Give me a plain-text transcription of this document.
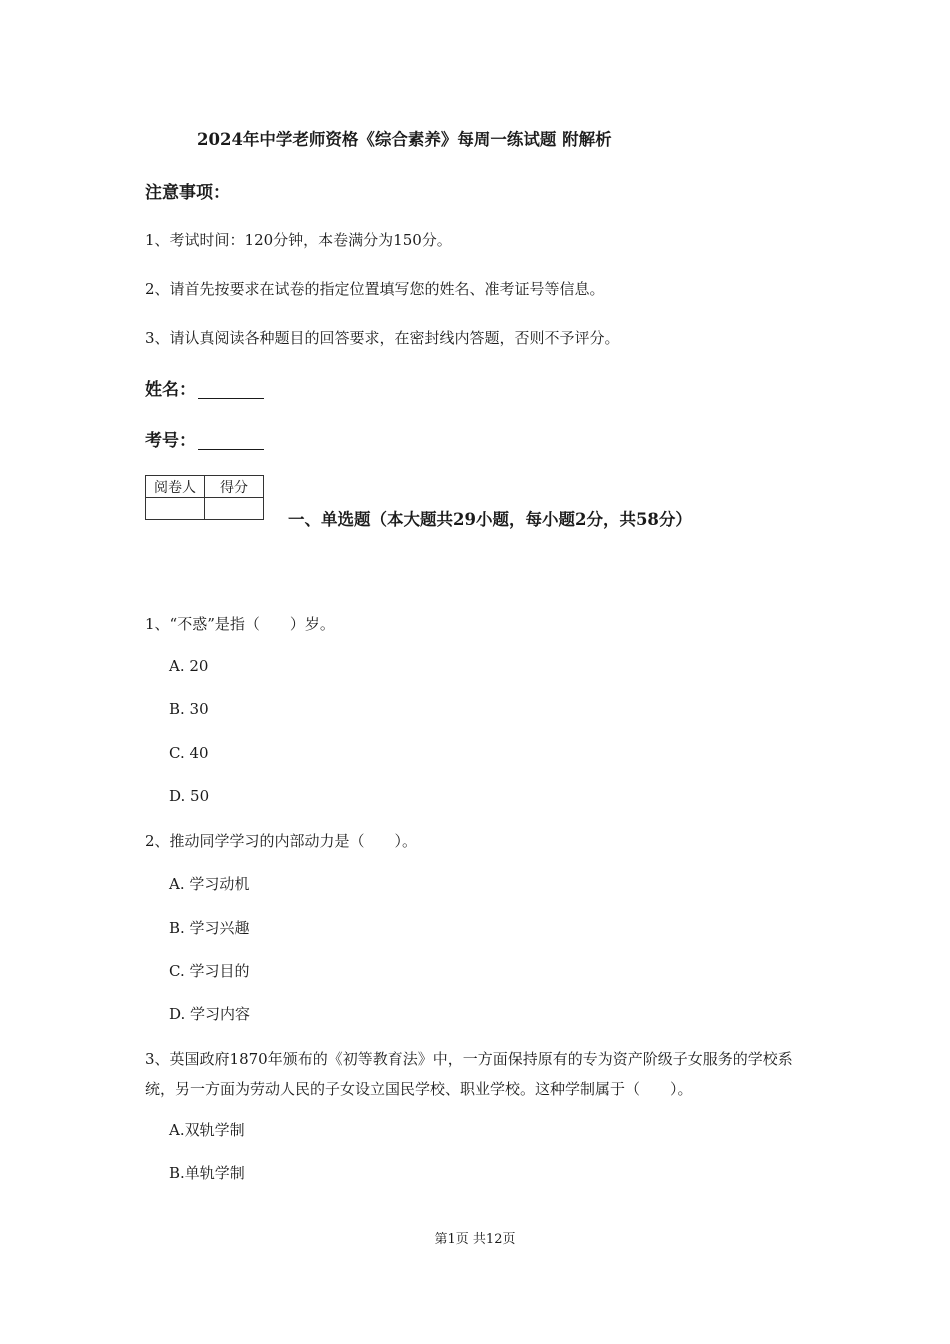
2024年中学老师资格《综合素养》每周一练试题 附解析
注意事项：
1、考试时间：120分钟，本卷满分为150分。
2、请首先按要求在试卷的指定位置填写您的姓名、准考证号等信息。
3、请认真阅读各种题目的回答要求，在密封线内答题，否则不予评分。
姓名：
考号：
阅卷人	得分

一、单选题（本大题共29小题，每小题2分，共58分）
1、“不惑”是指（　　）岁。
A. 20
B. 30
C. 40
D. 50
2、推动同学学习的内部动力是（　　）。
A. 学习动机
B. 学习兴趣
C. 学习目的
D. 学习内容
3、英国政府1870年颁布的《初等教育法》中，一方面保持原有的专为资产阶级子女服务的学校系统，另一方面为劳动人民的子女设立国民学校、职业学校。这种学制属于（　　）。
A.双轨学制
B.单轨学制
第1页 共12页
